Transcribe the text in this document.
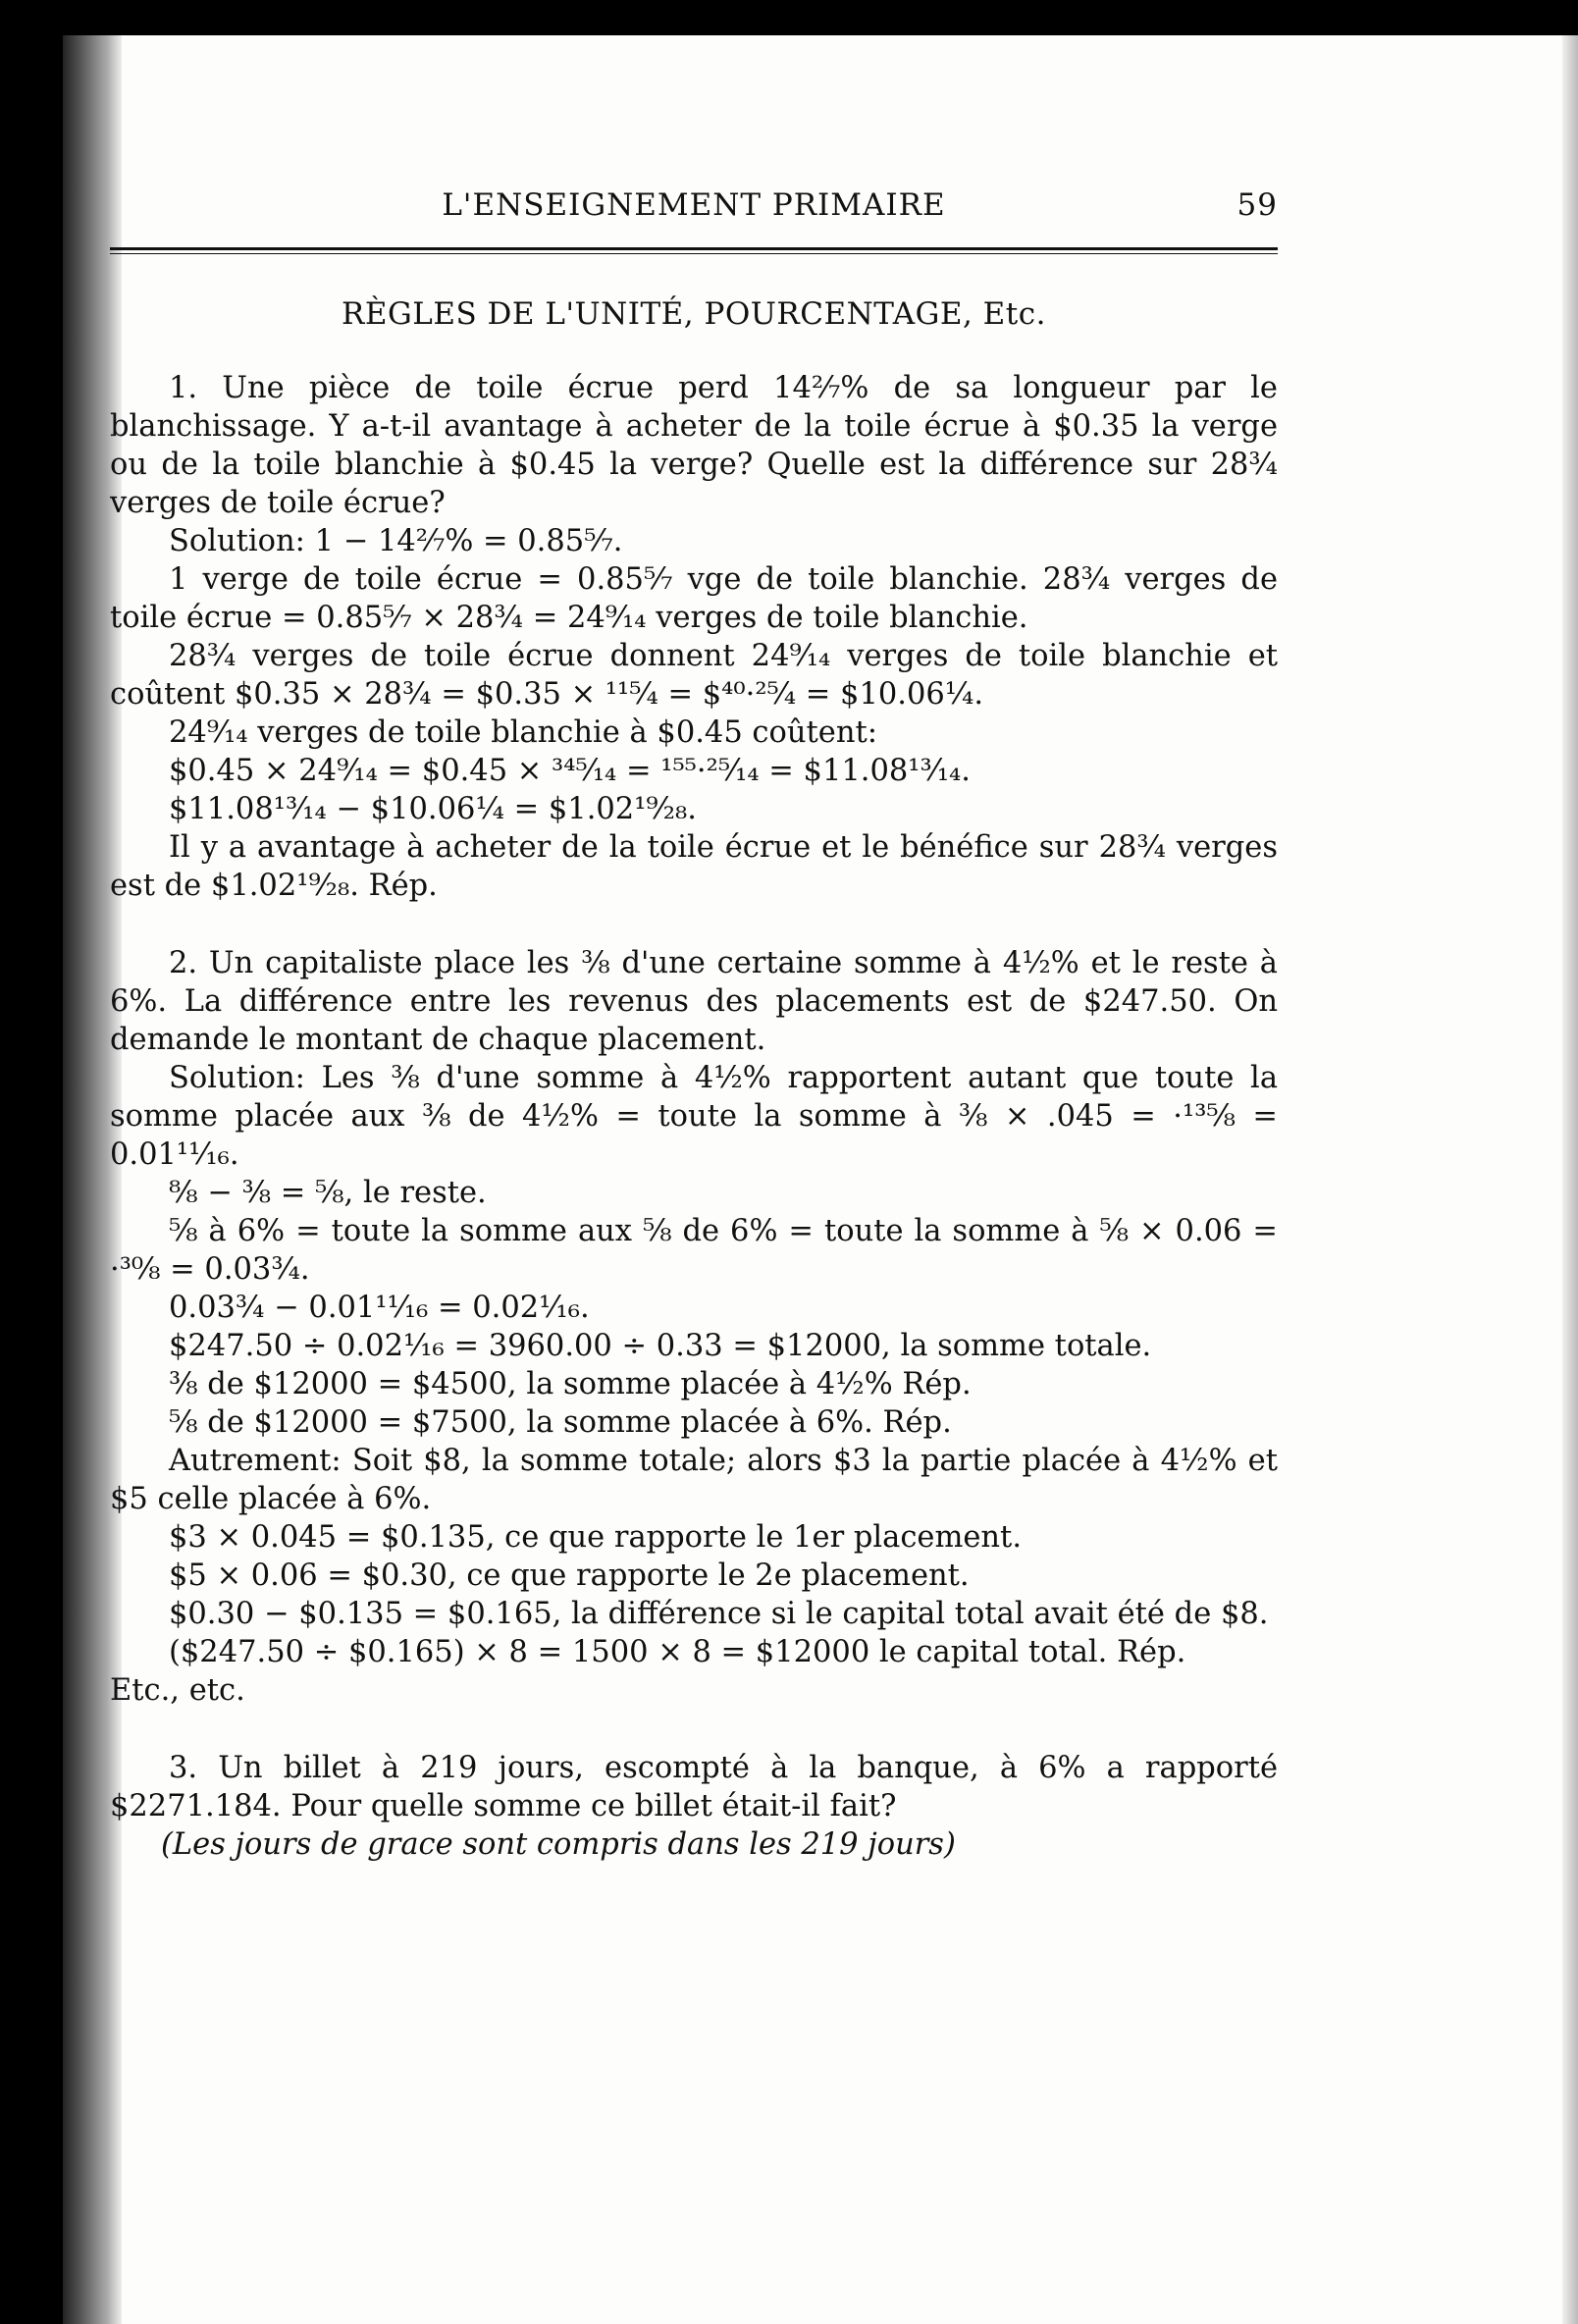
L'ENSEIGNEMENT PRIMAIRE	59
RÈGLES DE L'UNITÉ, POURCENTAGE, Etc.

1. Une pièce de toile écrue perd 14²⁄₇% de sa longueur par le blanchissage. Y a-t-il avantage à acheter de la toile écrue à $0.35 la verge ou de la toile blanchie à $0.45 la verge? Quelle est la différence sur 28¾ verges de toile écrue?

Solution: 1 − 14²⁄₇% = 0.85⁵⁄₇.

1 verge de toile écrue = 0.85⁵⁄₇ vge de toile blanchie. 28¾ verges de toile écrue = 0.85⁵⁄₇ × 28¾ = 24⁹⁄₁₄ verges de toile blanchie.

28¾ verges de toile écrue donnent 24⁹⁄₁₄ verges de toile blanchie et coûtent $0.35 × 28¾ = $0.35 × ¹¹⁵⁄₄ = $⁴⁰·²⁵⁄₄ = $10.06¼.

24⁹⁄₁₄ verges de toile blanchie à $0.45 coûtent:

$0.45 × 24⁹⁄₁₄ = $0.45 × ³⁴⁵⁄₁₄ = ¹⁵⁵·²⁵⁄₁₄ = $11.08¹³⁄₁₄.

$11.08¹³⁄₁₄ − $10.06¼ = $1.02¹⁹⁄₂₈.

Il y a avantage à acheter de la toile écrue et le bénéfice sur 28¾ verges est de $1.02¹⁹⁄₂₈. Rép.

2. Un capitaliste place les ⅜ d'une certaine somme à 4½% et le reste à 6%. La différence entre les revenus des placements est de $247.50. On demande le montant de chaque placement.

Solution: Les ⅜ d'une somme à 4½% rapportent autant que toute la somme placée aux ⅜ de 4½% = toute la somme à ⅜ × .045 = ·¹³⁵⁄₈ = 0.01¹¹⁄₁₆.

⁸⁄₈ − ⅜ = ⅝, le reste.

⅝ à 6% = toute la somme aux ⅝ de 6% = toute la somme à ⅝ × 0.06 = ·³⁰⁄₈ = 0.03¾.

0.03¾ − 0.01¹¹⁄₁₆ = 0.02¹⁄₁₆.

$247.50 ÷ 0.02¹⁄₁₆ = 3960.00 ÷ 0.33 = $12000, la somme totale.

⅜ de $12000 = $4500, la somme placée à 4½% Rép.

⅝ de $12000 = $7500, la somme placée à 6%. Rép.

Autrement: Soit $8, la somme totale; alors $3 la partie placée à 4½% et $5 celle placée à 6%.

$3 × 0.045 = $0.135, ce que rapporte le 1er placement.

$5 × 0.06 = $0.30, ce que rapporte le 2e placement.

$0.30 − $0.135 = $0.165, la différence si le capital total avait été de $8.

($247.50 ÷ $0.165) × 8 = 1500 × 8 = $12000 le capital total. Rép.

Etc., etc.

3. Un billet à 219 jours, escompté à la banque, à 6% a rapporté $2271.184. Pour quelle somme ce billet était-il fait?

(Les jours de grace sont compris dans les 219 jours)
